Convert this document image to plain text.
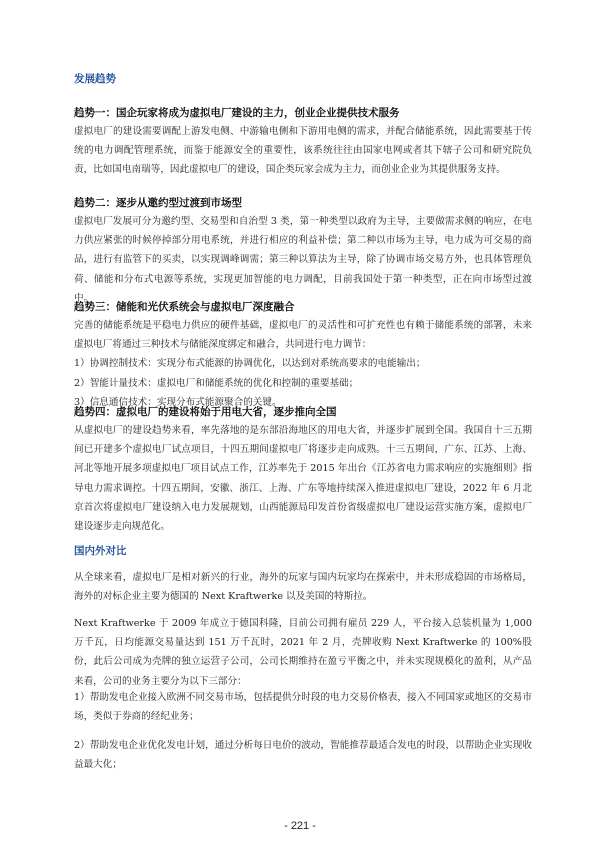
发展趋势
趋势一：国企玩家将成为虚拟电厂建设的主力，创业企业提供技术服务

虚拟电厂的建设需要调配上游发电侧、中游输电侧和下游用电侧的需求，并配合储能系统，因此需要基于传统的电力调配管理系统，而鉴于能源安全的重要性，该系统往往由国家电网或者其下辖子公司和研究院负责，比如国电南瑞等，因此虚拟电厂的建设，国企类玩家会成为主力，而创业企业为其提供服务支持。

趋势二：逐步从邀约型过渡到市场型

虚拟电厂发展可分为邀约型、交易型和自治型 3 类，第一种类型以政府为主导，主要做需求侧的响应，在电力供应紧张的时候停掉部分用电系统，并进行相应的利益补偿；第二种以市场为主导，电力成为可交易的商品，进行有监管下的买卖，以实现调峰调需；第三种以算法为主导，除了协调市场交易方外，也具体管理负荷、储能和分布式电源等系统，实现更加智能的电力调配，目前我国处于第一种类型，正在向市场型过渡中。

趋势三：储能和光伏系统会与虚拟电厂深度融合

完善的储能系统是平稳电力供应的硬件基础，虚拟电厂的灵活性和可扩充性也有赖于储能系统的部署，未来虚拟电厂将通过三种技术与储能深度绑定和融合，共同进行电力调节：

1）协调控制技术：实现分布式能源的协调优化，以达到对系统高要求的电能输出；

2）智能计量技术：虚拟电厂和储能系统的优化和控制的重要基础；

3）信息通信技术：实现分布式能源聚合的关键。

趋势四：虚拟电厂的建设将始于用电大省，逐步推向全国

从虚拟电厂的建设趋势来看，率先落地的是东部沿海地区的用电大省，并逐步扩展到全国。我国自十三五期间已开建多个虚拟电厂试点项目，十四五期间虚拟电厂将逐步走向成熟。十三五期间，广东、江苏、上海、河北等地开展多项虚拟电厂项目试点工作，江苏率先于 2015 年出台《江苏省电力需求响应的实施细则》指导电力需求调控。十四五期间，安徽、浙江、上海、广东等地持续深入推进虚拟电厂建设，2022 年 6 月北京首次将虚拟电厂建设纳入电力发展规划，山西能源局印发首份省级虚拟电厂建设运营实施方案，虚拟电厂建设逐步走向规范化。

国内外对比

从全球来看，虚拟电厂是相对新兴的行业，海外的玩家与国内玩家均在探索中，并未形成稳固的市场格局，海外的对标企业主要为德国的 Next Kraftwerke 以及美国的特斯拉。

Next Kraftwerke 于 2009 年成立于德国科隆，目前公司拥有雇员 229 人，平台接入总装机量为 1,000 万千瓦，日均能源交易量达到 151 万千瓦时，2021 年 2 月，壳牌收购 Next Kraftwerke 的 100%股份，此后公司成为壳牌的独立运营子公司，公司长期维持在盈亏平衡之中，并未实现规模化的盈利，从产品来看，公司的业务主要分为以下三部分：

1）帮助发电企业接入欧洲不同交易市场，包括提供分时段的电力交易价格表，接入不同国家或地区的交易市场，类似于券商的经纪业务；

2）帮助发电企业优化发电计划，通过分析每日电价的波动，智能推荐最适合发电的时段，以帮助企业实现收益最大化；

- 221 -
